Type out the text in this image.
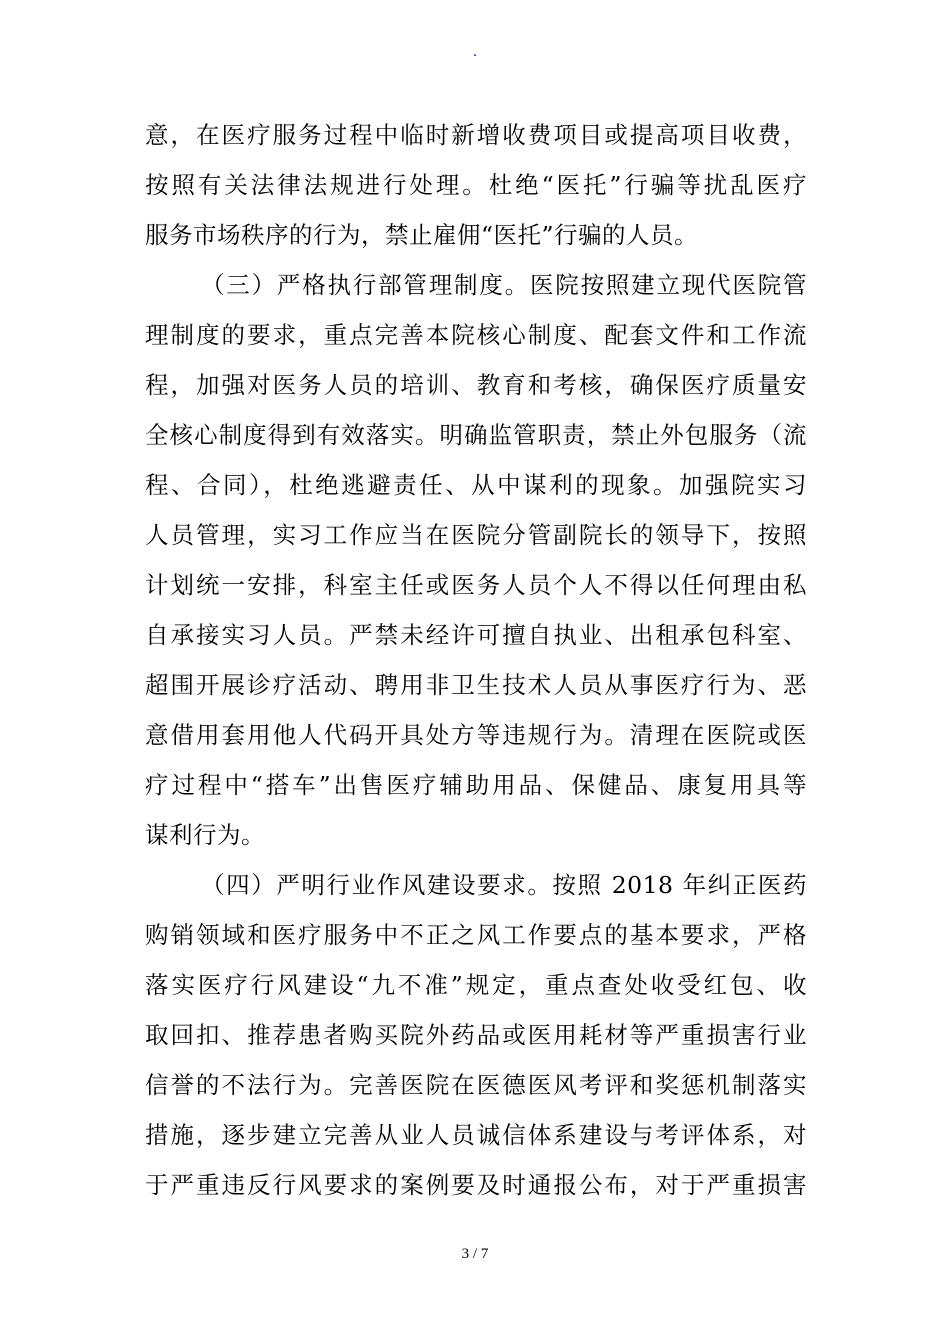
.
意，在医疗服务过程中临时新增收费项目或提高项目收费，
按照有关法律法规进行处理。杜绝“医托”行骗等扰乱医疗
服务市场秩序的行为，禁止雇佣“医托”行骗的人员。
（三）严格执行部管理制度。医院按照建立现代医院管
理制度的要求，重点完善本院核心制度、配套文件和工作流
程，加强对医务人员的培训、教育和考核，确保医疗质量安
全核心制度得到有效落实。明确监管职责，禁止外包服务（流
程、合同），杜绝逃避责任、从中谋利的现象。加强院实习
人员管理，实习工作应当在医院分管副院长的领导下，按照
计划统一安排，科室主任或医务人员个人不得以任何理由私
自承接实习人员。严禁未经许可擅自执业、出租承包科室、
超围开展诊疗活动、聘用非卫生技术人员从事医疗行为、恶
意借用套用他人代码开具处方等违规行为。清理在医院或医
疗过程中“搭车”出售医疗辅助用品、保健品、康复用具等
谋利行为。
（四）严明行业作风建设要求。按照 2018 年纠正医药
购销领域和医疗服务中不正之风工作要点的基本要求，严格
落实医疗行风建设“九不准”规定，重点查处收受红包、收
取回扣、推荐患者购买院外药品或医用耗材等严重损害行业
信誉的不法行为。完善医院在医德医风考评和奖惩机制落实
措施，逐步建立完善从业人员诚信体系建设与考评体系，对
于严重违反行风要求的案例要及时通报公布，对于严重损害
3 / 7
